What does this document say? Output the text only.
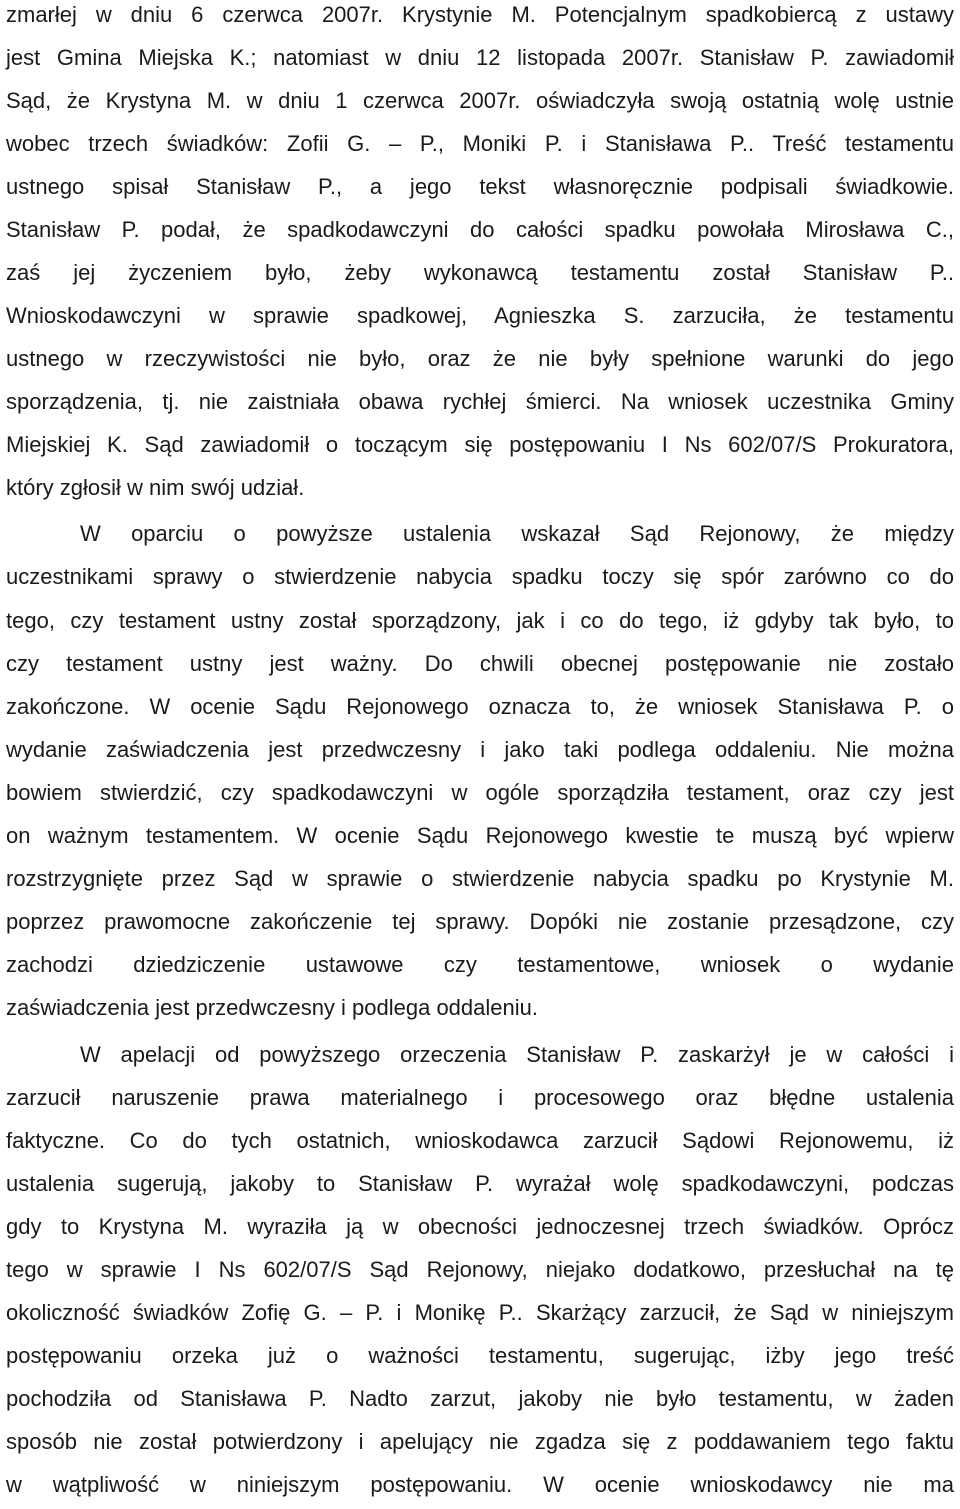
zmarłej w dniu 6 czerwca 2007r. Krystynie M. Potencjalnym spadkobiercą z ustawy
jest Gmina Miejska K.; natomiast w dniu 12 listopada 2007r. Stanisław P. zawiadomił
Sąd, że Krystyna M. w dniu 1 czerwca 2007r. oświadczyła swoją ostatnią wolę ustnie
wobec trzech świadków: Zofii G. – P., Moniki P. i Stanisława P.. Treść testamentu
ustnego spisał Stanisław P., a jego tekst własnoręcznie podpisali świadkowie.
Stanisław P. podał, że spadkodawczyni do całości spadku powołała Mirosława C.,
zaś jej życzeniem było, żeby wykonawcą testamentu został Stanisław P..
Wnioskodawczyni w sprawie spadkowej, Agnieszka S. zarzuciła, że testamentu
ustnego w rzeczywistości nie było, oraz że nie były spełnione warunki do jego
sporządzenia, tj. nie zaistniała obawa rychłej śmierci. Na wniosek uczestnika Gminy
Miejskiej K. Sąd zawiadomił o toczącym się postępowaniu I Ns 602/07/S Prokuratora,
który zgłosił w nim swój udział.
W oparciu o powyższe ustalenia wskazał Sąd Rejonowy, że między
uczestnikami sprawy o stwierdzenie nabycia spadku toczy się spór zarówno co do
tego, czy testament ustny został sporządzony, jak i co do tego, iż gdyby tak było, to
czy testament ustny jest ważny. Do chwili obecnej postępowanie nie zostało
zakończone. W ocenie Sądu Rejonowego oznacza to, że wniosek Stanisława P. o
wydanie zaświadczenia jest przedwczesny i jako taki podlega oddaleniu. Nie można
bowiem stwierdzić, czy spadkodawczyni w ogóle sporządziła testament, oraz czy jest
on ważnym testamentem. W ocenie Sądu Rejonowego kwestie te muszą być wpierw
rozstrzygnięte przez Sąd w sprawie o stwierdzenie nabycia spadku po Krystynie M.
poprzez prawomocne zakończenie tej sprawy. Dopóki nie zostanie przesądzone, czy
zachodzi dziedziczenie ustawowe czy testamentowe, wniosek o wydanie
zaświadczenia jest przedwczesny i podlega oddaleniu.
W apelacji od powyższego orzeczenia Stanisław P. zaskarżył je w całości i
zarzucił naruszenie prawa materialnego i procesowego oraz błędne ustalenia
faktyczne. Co do tych ostatnich, wnioskodawca zarzucił Sądowi Rejonowemu, iż
ustalenia sugerują, jakoby to Stanisław P. wyrażał wolę spadkodawczyni, podczas
gdy to Krystyna M. wyraziła ją w obecności jednoczesnej trzech świadków. Oprócz
tego w sprawie I Ns 602/07/S Sąd Rejonowy, niejako dodatkowo, przesłuchał na tę
okoliczność świadków Zofię G. – P. i Monikę P.. Skarżący zarzucił, że Sąd w niniejszym
postępowaniu orzeka już o ważności testamentu, sugerując, iżby jego treść
pochodziła od Stanisława P. Nadto zarzut, jakoby nie było testamentu, w żaden
sposób nie został potwierdzony i apelujący nie zgadza się z poddawaniem tego faktu
w wątpliwość w niniejszym postępowaniu. W ocenie wnioskodawcy nie ma
